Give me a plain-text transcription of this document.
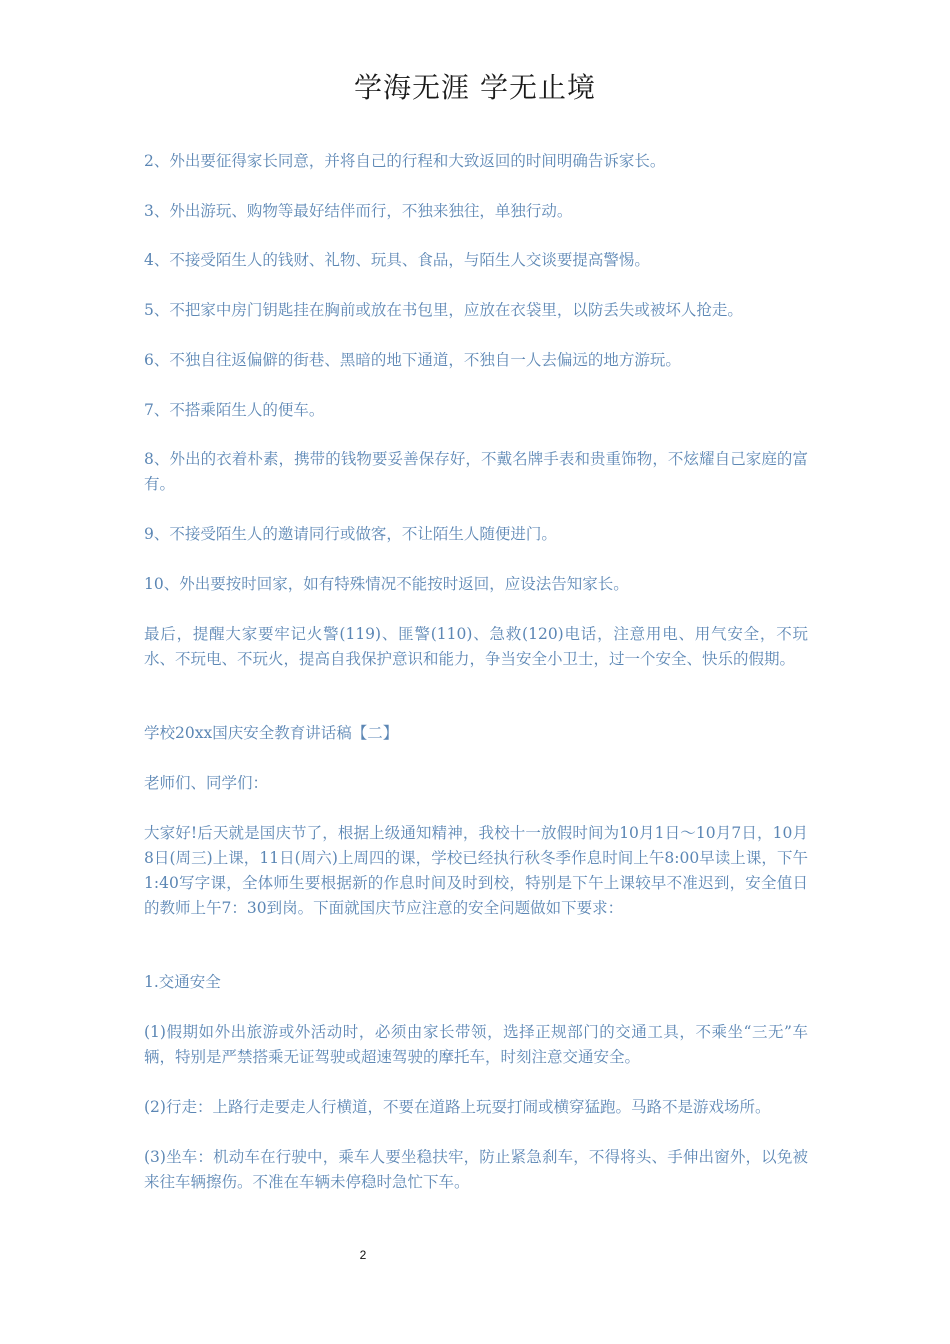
学海无涯 学无止境

2、外出要征得家长同意，并将自己的行程和大致返回的时间明确告诉家长。

3、外出游玩、购物等最好结伴而行，不独来独往，单独行动。

4、不接受陌生人的钱财、礼物、玩具、食品，与陌生人交谈要提高警惕。

5、不把家中房门钥匙挂在胸前或放在书包里，应放在衣袋里，以防丢失或被坏人抢走。

6、不独自往返偏僻的街巷、黑暗的地下通道，不独自一人去偏远的地方游玩。

7、不搭乘陌生人的便车。

8、外出的衣着朴素，携带的钱物要妥善保存好，不戴名牌手表和贵重饰物，不炫耀自己家庭的富有。

9、不接受陌生人的邀请同行或做客，不让陌生人随便进门。

10、外出要按时回家，如有特殊情况不能按时返回，应设法告知家长。

最后，提醒大家要牢记火警(119)、匪警(110)、急救(120)电话，注意用电、用气安全，不玩水、不玩电、不玩火，提高自我保护意识和能力，争当安全小卫士，过一个安全、快乐的假期。

学校20xx国庆安全教育讲话稿【二】

老师们、同学们：

大家好!后天就是国庆节了，根据上级通知精神，我校十一放假时间为10月1日～10月7日，10月8日(周三)上课，11日(周六)上周四的课，学校已经执行秋冬季作息时间上午8:00早读上课，下午1:40写字课，全体师生要根据新的作息时间及时到校，特别是下午上课较早不准迟到，安全值日的教师上午7：30到岗。下面就国庆节应注意的安全问题做如下要求：

1.交通安全

(1)假期如外出旅游或外活动时，必须由家长带领，选择正规部门的交通工具，不乘坐“三无”车辆，特别是严禁搭乘无证驾驶或超速驾驶的摩托车，时刻注意交通安全。

(2)行走：上路行走要走人行横道，不要在道路上玩耍打闹或横穿猛跑。马路不是游戏场所。

(3)坐车：机动车在行驶中，乘车人要坐稳扶牢，防止紧急刹车，不得将头、手伸出窗外，以免被来往车辆擦伤。不准在车辆未停稳时急忙下车。

2
